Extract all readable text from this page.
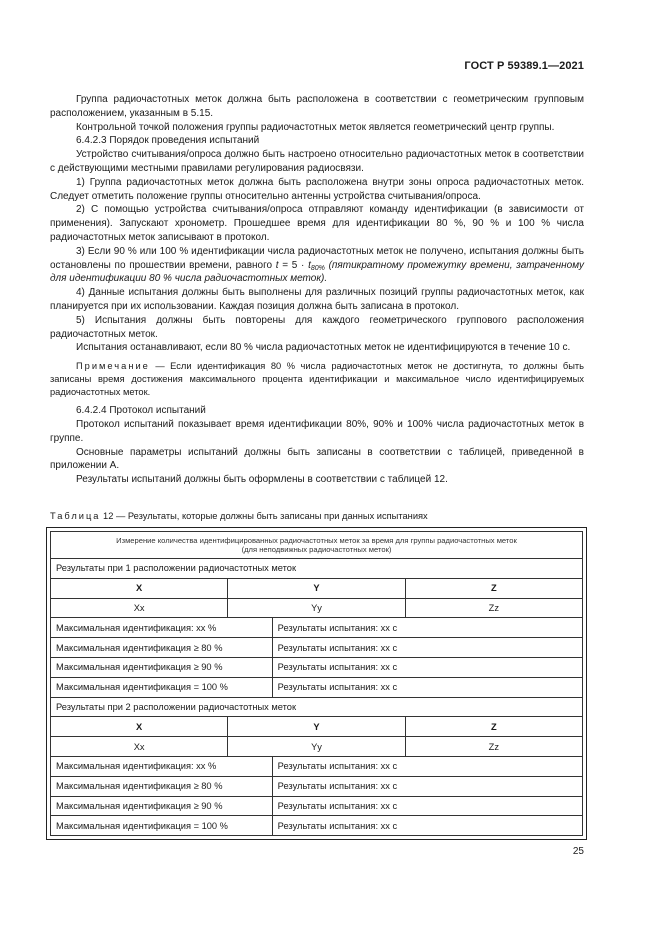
ГОСТ Р 59389.1—2021

Группа радиочастотных меток должна быть расположена в соответствии с геометрическим групповым расположением, указанным в 5.15.

Контрольной точкой положения группы радиочастотных меток является геометрический центр группы.

6.4.2.3 Порядок проведения испытаний

Устройство считывания/опроса должно быть настроено относительно радиочастотных меток в соответствии с действующими местными правилами регулирования радиосвязи.

1) Группа радиочастотных меток должна быть расположена внутри зоны опроса радиочастотных меток. Следует отметить положение группы относительно антенны устройства считывания/опроса.

2) С помощью устройства считывания/опроса отправляют команду идентификации (в зависимости от применения). Запускают хронометр. Прошедшее время для идентификации 80 %, 90 % и 100 % числа радиочастотных меток записывают в протокол.

3) Если 90 % или 100 % идентификации числа радиочастотных меток не получено, испытания должны быть остановлены по прошествии времени, равного $t = 5 \cdot t_{80\%}$ (пятикратному промежутку времени, затраченному для идентификации 80 % числа радиочастотных меток).

4) Данные испытания должны быть выполнены для различных позиций группы радиочастотных меток, как планируется при их использовании. Каждая позиция должна быть записана в протокол.

5) Испытания должны быть повторены для каждого геометрического группового расположения радиочастотных меток.

Испытания останавливают, если 80 % числа радиочастотных меток не идентифицируются в течение 10 с.

Примечание — Если идентификация 80 % числа радиочастотных меток не достигнута, то должны быть записаны время достижения максимального процента идентификации и максимальное число идентифицируемых радиочастотных меток.

6.4.2.4 Протокол испытаний

Протокол испытаний показывает время идентификации 80%, 90% и 100% числа радиочастотных меток в группе.

Основные параметры испытаний должны быть записаны в соответствии с таблицей, приведенной в приложении А.

Результаты испытаний должны быть оформлены в соответствии с таблицей 12.

Таблица 12 — Результаты, которые должны быть записаны при данных испытаниях
Измерение количества идентифицированных радиочастотных меток за время для группы радиочастотных меток
(для неподвижных радиочастотных меток)			

Результаты при 1 расположении радиочастотных меток			
X	Y		Z
Xx	Yy		Zz
Максимальная идентификация: xx %		Результаты испытания: xx с	
Максимальная идентификация ≥ 80 %		Результаты испытания: xx с	
Максимальная идентификация ≥ 90 %		Результаты испытания: xx с	
Максимальная идентификация = 100 %		Результаты испытания: xx с	
Результаты при 2 расположении радиочастотных меток			
X	Y		Z
Xx	Yy		Zz
Максимальная идентификация: xx %		Результаты испытания: xx с	
Максимальная идентификация ≥ 80 %		Результаты испытания: xx с	
Максимальная идентификация ≥ 90 %		Результаты испытания: xx с	
Максимальная идентификация = 100 %		Результаты испытания: xx с	
25
